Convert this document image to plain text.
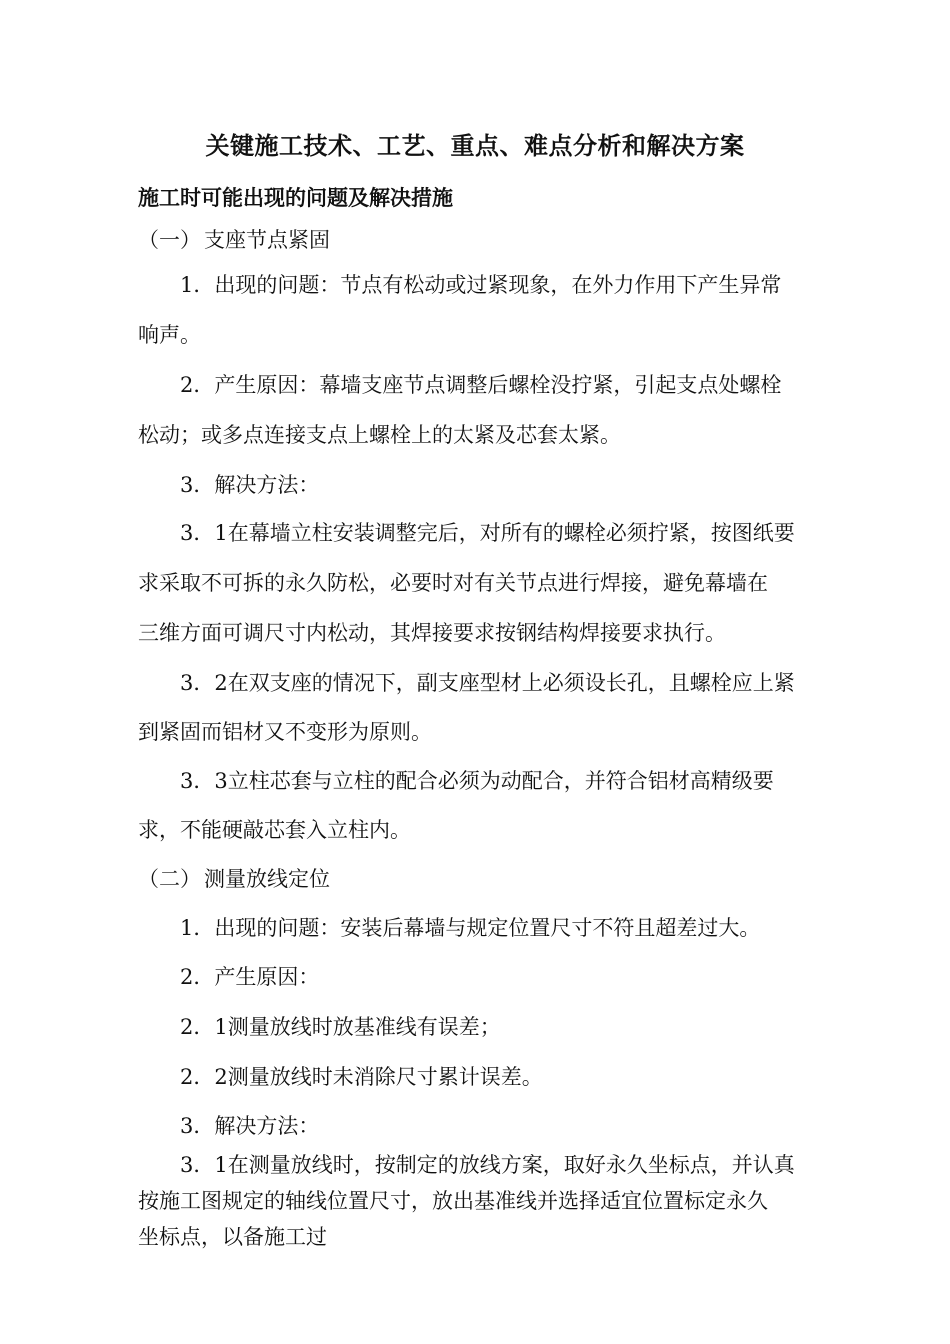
关键施工技术、工艺、重点、难点分析和解决方案
施工时可能出现的问题及解决措施
（一） 支座节点紧固
1．出现的问题：节点有松动或过紧现象，在外力作用下产生异常
响声。
2．产生原因：幕墙支座节点调整后螺栓没拧紧，引起支点处螺栓
松动；或多点连接支点上螺栓上的太紧及芯套太紧。
3．解决方法：
3．1在幕墙立柱安装调整完后，对所有的螺栓必须拧紧，按图纸要
求采取不可拆的永久防松，必要时对有关节点进行焊接，避免幕墙在
三维方面可调尺寸内松动，其焊接要求按钢结构焊接要求执行。
3．2在双支座的情况下，副支座型材上必须设长孔，且螺栓应上紧
到紧固而铝材又不变形为原则。
3．3立柱芯套与立柱的配合必须为动配合，并符合铝材高精级要
求，不能硬敲芯套入立柱内。
（二） 测量放线定位
1．出现的问题：安装后幕墙与规定位置尺寸不符且超差过大。
2．产生原因：
2．1测量放线时放基准线有误差；
2．2测量放线时未消除尺寸累计误差。
3．解决方法：
3．1在测量放线时，按制定的放线方案，取好永久坐标点，并认真
按施工图规定的轴线位置尺寸，放出基准线并选择适宜位置标定永久
坐标点，以备施工过
